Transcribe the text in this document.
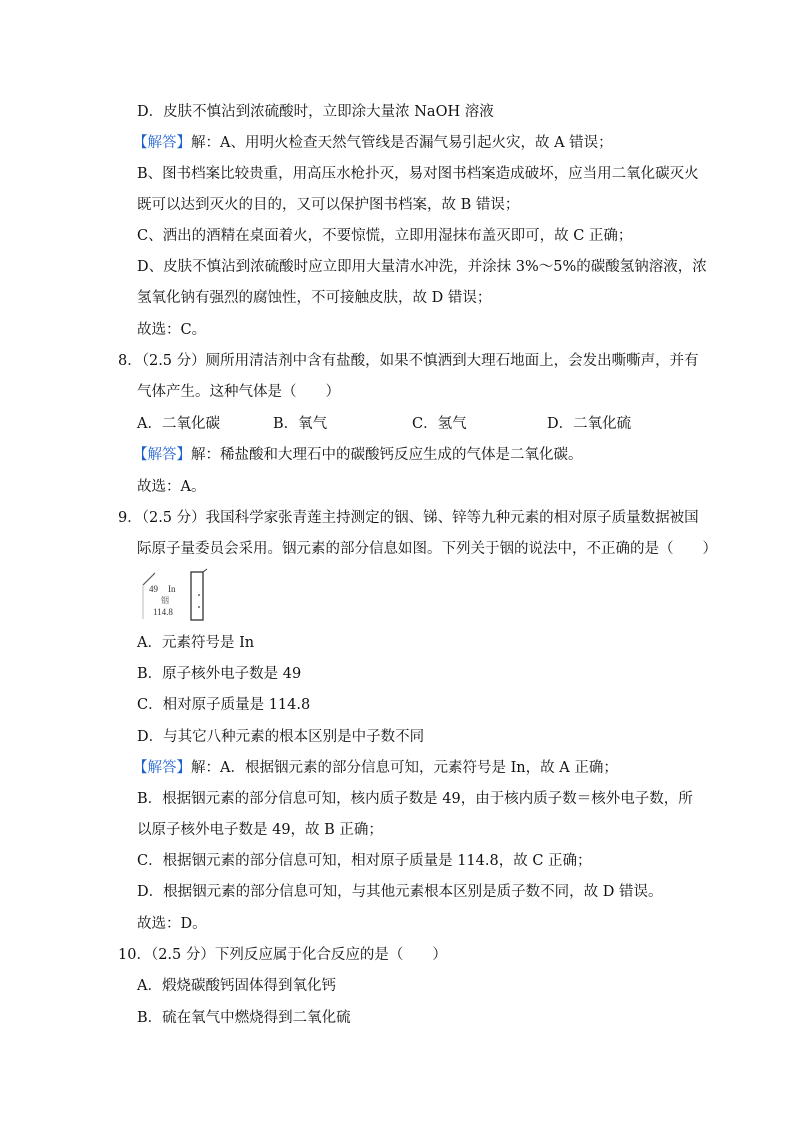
D．皮肤不慎沾到浓硫酸时，立即涂大量浓 NaOH 溶液
【解答】解：A、用明火检查天然气管线是否漏气易引起火灾，故 A 错误；
B、图书档案比较贵重，用高压水枪扑灭，易对图书档案造成破坏，应当用二氧化碳灭火
既可以达到灭火的目的，又可以保护图书档案，故 B 错误；
C、洒出的酒精在桌面着火，不要惊慌，立即用湿抹布盖灭即可，故 C 正确；
D、皮肤不慎沾到浓硫酸时应立即用大量清水冲洗，并涂抹 3%～5%的碳酸氢钠溶液，浓
氢氧化钠有强烈的腐蚀性，不可接触皮肤，故 D 错误；
故选：C。
8．（2.5 分）厕所用清洁剂中含有盐酸，如果不慎洒到大理石地面上，会发出嘶嘶声，并有
气体产生。这种气体是（　　）
A．二氧化碳	B．氧气	C．氢气	D．二氧化硫
【解答】解：稀盐酸和大理石中的碳酸钙反应生成的气体是二氧化碳。
故选：A。
9．（2.5 分）我国科学家张青莲主持测定的铟、锑、锌等九种元素的相对原子质量数据被国
际原子量委员会采用。铟元素的部分信息如图。下列关于铟的说法中，不正确的是（　　）
49 In
铟
114.8
A．元素符号是 In
B．原子核外电子数是 49
C．相对原子质量是 114.8
D．与其它八种元素的根本区别是中子数不同
【解答】解：A．根据铟元素的部分信息可知，元素符号是 In，故 A 正确；
B．根据铟元素的部分信息可知，核内质子数是 49，由于核内质子数＝核外电子数，所
以原子核外电子数是 49，故 B 正确；
C．根据铟元素的部分信息可知，相对原子质量是 114.8，故 C 正确；
D．根据铟元素的部分信息可知，与其他元素根本区别是质子数不同，故 D 错误。
故选：D。
10．（2.5 分）下列反应属于化合反应的是（　　）
A．煅烧碳酸钙固体得到氧化钙
B．硫在氧气中燃烧得到二氧化硫
